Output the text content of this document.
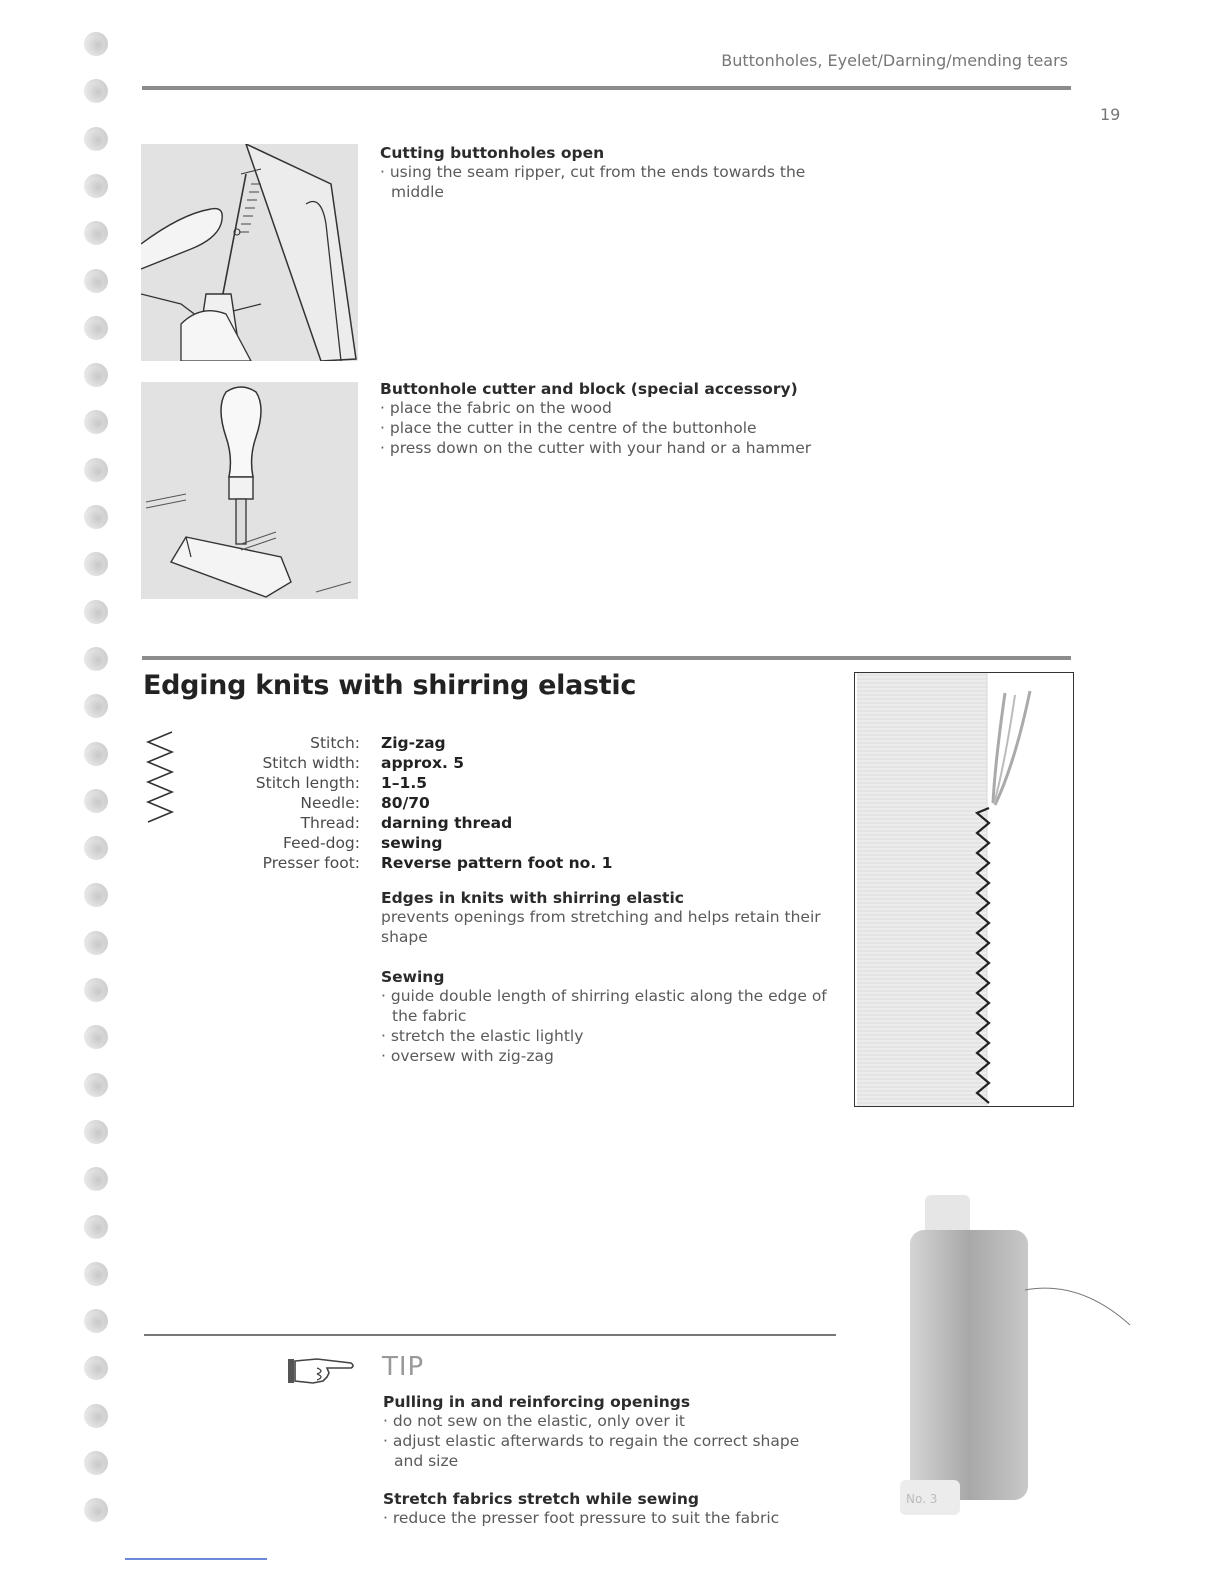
Buttonholes, Eyelet/Darning/mending tears
19

Cutting buttonholes open

· using the seam ripper, cut from the ends towards the middle

Buttonhole cutter and block (special accessory)

· place the fabric on the wood
· place the cutter in the centre of the buttonhole
· press down on the cutter with your hand or a hammer
Edging knits with shirring elastic
Stitch:
Stitch width:
Stitch length:
Needle:
Thread:
Feed-dog:
Presser foot:
Zig-zag
approx. 5
1–1.5
80/70
darning thread
sewing
Reverse pattern foot no. 1

Edges in knits with shirring elastic

prevents openings from stretching and helps retain their shape

Sewing

· guide double length of shirring elastic along the edge of the fabric
· stretch the elastic lightly
· oversew with zig-zag
No. 3
TIP

Pulling in and reinforcing openings

· do not sew on the elastic, only over it
· adjust elastic afterwards to regain the correct shape and size

Stretch fabrics stretch while sewing

· reduce the presser foot pressure to suit the fabric
